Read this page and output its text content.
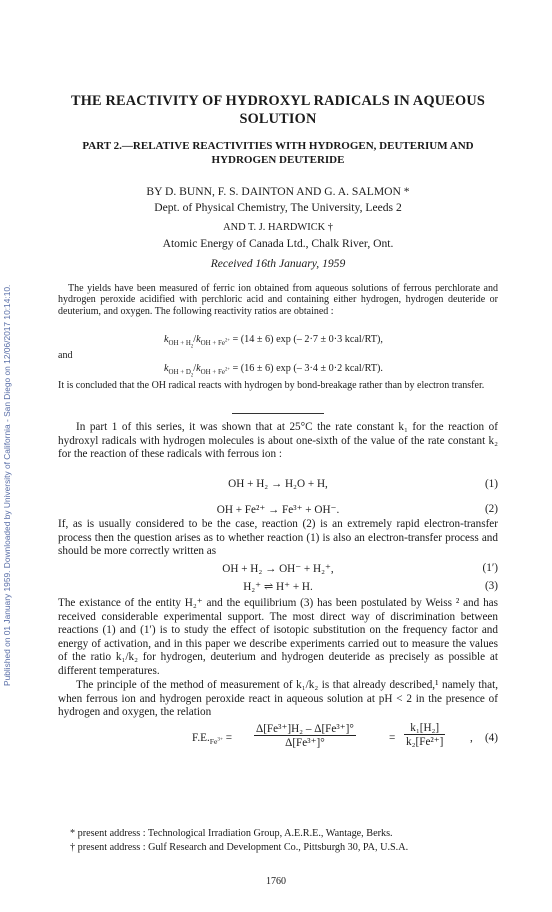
Published on 01 January 1959. Downloaded by University of California - San Diego on 12/06/2017 10:14:10.
THE REACTIVITY OF HYDROXYL RADICALS IN AQUEOUS
SOLUTION
PART 2.—RELATIVE REACTIVITIES WITH HYDROGEN, DEUTERIUM AND
HYDROGEN DEUTERIDE
BY D. BUNN, F. S. DAINTON AND G. A. SALMON *
Dept. of Physical Chemistry, The University, Leeds 2
AND T. J. HARDWICK †
Atomic Energy of Canada Ltd., Chalk River, Ont.
Received 16th January, 1959
The yields have been measured of ferric ion obtained from aqueous solutions of ferrous perchlorate and hydrogen peroxide acidified with perchloric acid and containing either hydrogen, hydrogen deuteride or deuterium, and oxygen. The following reactivity ratios are obtained :
$k_{OH + H_2}/k_{OH + Fe^{2+}} = (14 \pm 6)$ exp (– 2·7 ± 0·3 kcal/RT),
and
$k_{OH + D_2}/k_{OH + Fe^{2+}} = (16 \pm 6)$ exp (– 3·4 ± 0·2 kcal/RT).
It is concluded that the OH radical reacts with hydrogen by bond-breakage rather than by electron transfer.
In part 1 of this series, it was shown that at 25°C the rate constant k₁ for the reaction of hydroxyl radicals with hydrogen molecules is about one-sixth of the value of the rate constant k₂ for the reaction of these radicals with ferrous ion :
OH + H₂ → H₂O + H,	(1)
OH + Fe²⁺ → Fe³⁺ + OH⁻.	(2)
If, as is usually considered to be the case, reaction (2) is an extremely rapid electron-transfer process then the question arises as to whether reaction (1) is also an electron-transfer process and should be more correctly written as
OH + H₂ → OH⁻ + H₂⁺,	(1′)
H₂⁺ ⇌ H⁺ + H.	(3)
The existance of the entity H₂⁺ and the equilibrium (3) has been postulated by Weiss ² and has received considerable experimental support. The most direct way of discrimination between reactions (1) and (1′) is to study the effect of isotopic substitution on the frequency factor and energy of activation, and in this paper we describe experiments carried out to measure the values of the ratio k₁/k₂ for hydrogen, deuterium and hydrogen deuteride as precisely as possible at different temperatures.
The principle of the method of measurement of k₁/k₂ is that already described,¹ namely that, when ferrous ion and hydrogen peroxide react in aqueous solution at pH < 2 in the presence of hydrogen and oxygen, the relation
$F.E._{Fe^{3+}} = \frac{\text{Δ[Fe³⁺]H₂ – Δ[Fe³⁺]°}}{\text{Δ[Fe³⁺]°}}$	= $\frac{\text{k₁[H₂]}}{\text{k₂[Fe²⁺]}}$ , (4)
* present address : Technological Irradiation Group, A.E.R.E., Wantage, Berks.
† present address : Gulf Research and Development Co., Pittsburgh 30, PA, U.S.A.
1760
